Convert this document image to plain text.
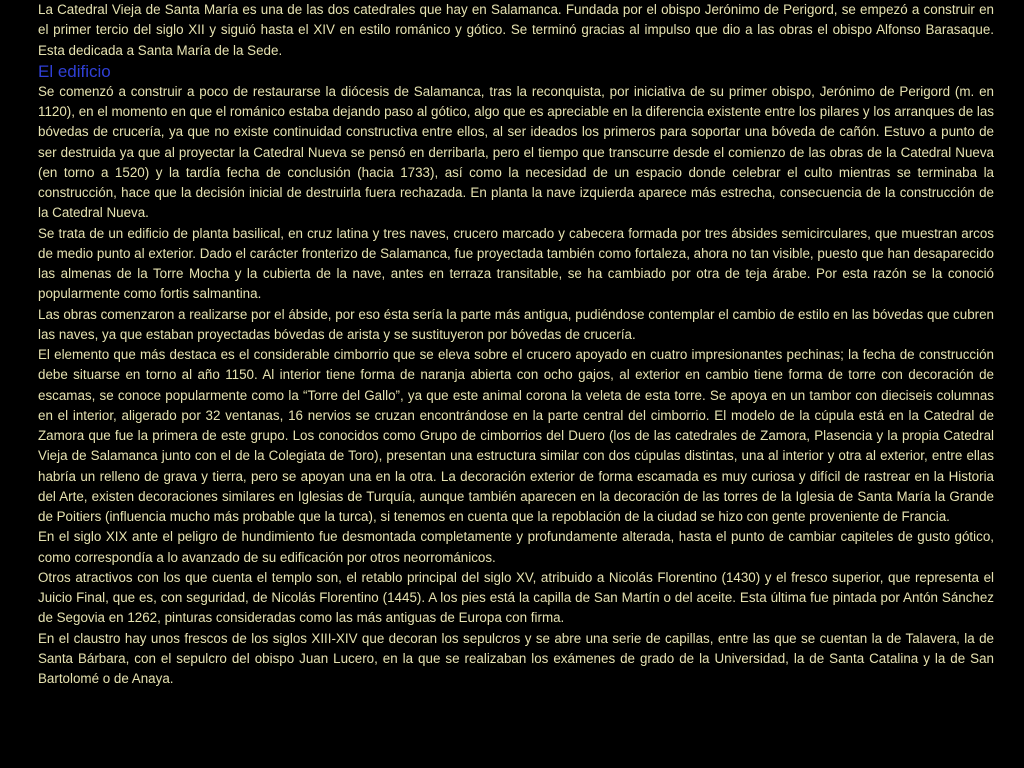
La Catedral Vieja de Santa María es una de las dos catedrales que hay en Salamanca. Fundada por el obispo Jerónimo de Perigord, se empezó a construir en el primer tercio del siglo XII y siguió hasta el XIV en estilo románico y gótico. Se terminó gracias al impulso que dio a las obras el obispo Alfonso Barasaque. Esta dedicada a Santa María de la Sede.

El edificio

Se comenzó a construir a poco de restaurarse la diócesis de Salamanca, tras la reconquista, por iniciativa de su primer obispo, Jerónimo de Perigord (m. en 1120), en el momento en que el románico estaba dejando paso al gótico, algo que es apreciable en la diferencia existente entre los pilares y los arranques de las bóvedas de crucería, ya que no existe continuidad constructiva entre ellos, al ser ideados los primeros para soportar una bóveda de cañón. Estuvo a punto de ser destruida ya que al proyectar la Catedral Nueva se pensó en derribarla, pero el tiempo que transcurre desde el comienzo de las obras de la Catedral Nueva (en torno a 1520) y la tardía fecha de conclusión (hacia 1733), así como la necesidad de un espacio donde celebrar el culto mientras se terminaba la construcción, hace que la decisión inicial de destruirla fuera rechazada. En planta la nave izquierda aparece más estrecha, consecuencia de la construcción de la Catedral Nueva.

Se trata de un edificio de planta basilical, en cruz latina y tres naves, crucero marcado y cabecera formada por tres ábsides semicirculares, que muestran arcos de medio punto al exterior. Dado el carácter fronterizo de Salamanca, fue proyectada también como fortaleza, ahora no tan visible, puesto que han desaparecido las almenas de la Torre Mocha y la cubierta de la nave, antes en terraza transitable, se ha cambiado por otra de teja árabe. Por esta razón se la conoció popularmente como fortis salmantina.

Las obras comenzaron a realizarse por el ábside, por eso ésta sería la parte más antigua, pudiéndose contemplar el cambio de estilo en las bóvedas que cubren las naves, ya que estaban proyectadas bóvedas de arista y se sustituyeron por bóvedas de crucería.

El elemento que más destaca es el considerable cimborrio que se eleva sobre el crucero apoyado en cuatro impresionantes pechinas; la fecha de construcción debe situarse en torno al año 1150. Al interior tiene forma de naranja abierta con ocho gajos, al exterior en cambio tiene forma de torre con decoración de escamas, se conoce popularmente como la “Torre del Gallo”, ya que este animal corona la veleta de esta torre. Se apoya en un tambor con dieciseis columnas en el interior, aligerado por 32 ventanas, 16 nervios se cruzan encontrándose en la parte central del cimborrio. El modelo de la cúpula está en la Catedral de Zamora que fue la primera de este grupo. Los conocidos como Grupo de cimborrios del Duero (los de las catedrales de Zamora, Plasencia y la propia Catedral Vieja de Salamanca junto con el de la Colegiata de Toro), presentan una estructura similar con dos cúpulas distintas, una al interior y otra al exterior, entre ellas habría un relleno de grava y tierra, pero se apoyan una en la otra. La decoración exterior de forma escamada es muy curiosa y difícil de rastrear en la Historia del Arte, existen decoraciones similares en Iglesias de Turquía, aunque también aparecen en la decoración de las torres de la Iglesia de Santa María la Grande de Poitiers (influencia mucho más probable que la turca), si tenemos en cuenta que la repoblación de la ciudad se hizo con gente proveniente de Francia.

En el siglo XIX ante el peligro de hundimiento fue desmontada completamente y profundamente alterada, hasta el punto de cambiar capiteles de gusto gótico, como correspondía a lo avanzado de su edificación por otros neorrománicos.

Otros atractivos con los que cuenta el templo son, el retablo principal del siglo XV, atribuido a Nicolás Florentino (1430) y el fresco superior, que representa el Juicio Final, que es, con seguridad, de Nicolás Florentino (1445). A los pies está la capilla de San Martín o del aceite. Esta última fue pintada por Antón Sánchez de Segovia en 1262, pinturas consideradas como las más antiguas de Europa con firma.

En el claustro hay unos frescos de los siglos XIII-XIV que decoran los sepulcros y se abre una serie de capillas, entre las que se cuentan la de Talavera, la de Santa Bárbara, con el sepulcro del obispo Juan Lucero, en la que se realizaban los exámenes de grado de la Universidad, la de Santa Catalina y la de San Bartolomé o de Anaya.
